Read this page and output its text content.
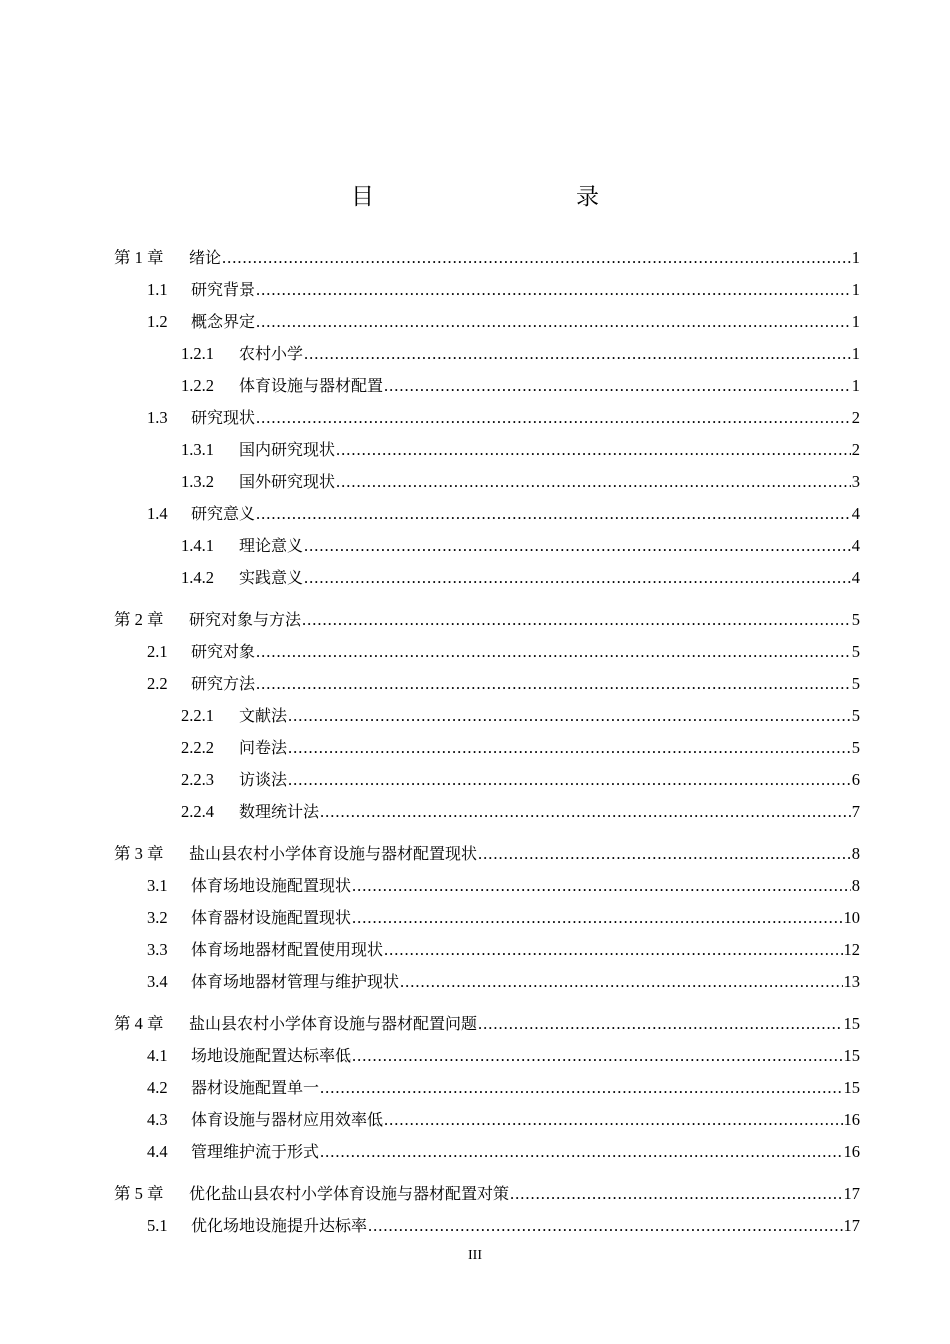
目　　录
第 1 章	绪论 .....	1
1.1	研究背景 .....	1
1.2	概念界定 .....	1
1.2.1	农村小学 .....	1
1.2.2	体育设施与器材配置 .....	1
1.3	研究现状 .....	2
1.3.1	国内研究现状 .....	2
1.3.2	国外研究现状 .....	3
1.4	研究意义 .....	4
1.4.1	理论意义 .....	4
1.4.2	实践意义 .....	4
第 2 章	研究对象与方法 .....	5
2.1	研究对象 .....	5
2.2	研究方法 .....	5
2.2.1	文献法 .....	5
2.2.2	问卷法 .....	5
2.2.3	访谈法 .....	6
2.2.4	数理统计法 .....	7
第 3 章	盐山县农村小学体育设施与器材配置现状 .....	8
3.1	体育场地设施配置现状 .....	8
3.2	体育器材设施配置现状 .....	10
3.3	体育场地器材配置使用现状 .....	12
3.4	体育场地器材管理与维护现状 .....	13
第 4 章	盐山县农村小学体育设施与器材配置问题 .....	15
4.1	场地设施配置达标率低 .....	15
4.2	器材设施配置单一 .....	15
4.3	体育设施与器材应用效率低 .....	16
4.4	管理维护流于形式 .....	16
第 5 章	优化盐山县农村小学体育设施与器材配置对策 .....	17
5.1	优化场地设施提升达标率 .....	17
III
